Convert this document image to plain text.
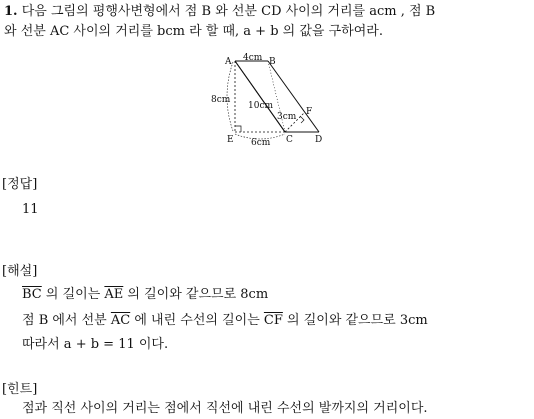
1. 다음 그림의 평행사변형에서 점 B 와 선분 CD 사이의 거리를 acm , 점 B
와 선분 AC 사이의 거리를 bcm 라 할 때, a + b 의 값을 구하여라.
A	B
C D
E
F
4cm
8cm
10cm
3cm
6cm
[정답]
11
[해설]
$\overline{BC}$ 의 길이는 $\overline{AE}$ 의 길이와 같으므로 8cm
점 B 에서 선분 $\overline{AC}$ 에 내린 수선의 길이는 $\overline{CF}$ 의 길이와 같으므로 3cm
따라서 a + b = 11 이다.
[힌트]
점과 직선 사이의 거리는 점에서 직선에 내린 수선의 발까지의 거리이다.
